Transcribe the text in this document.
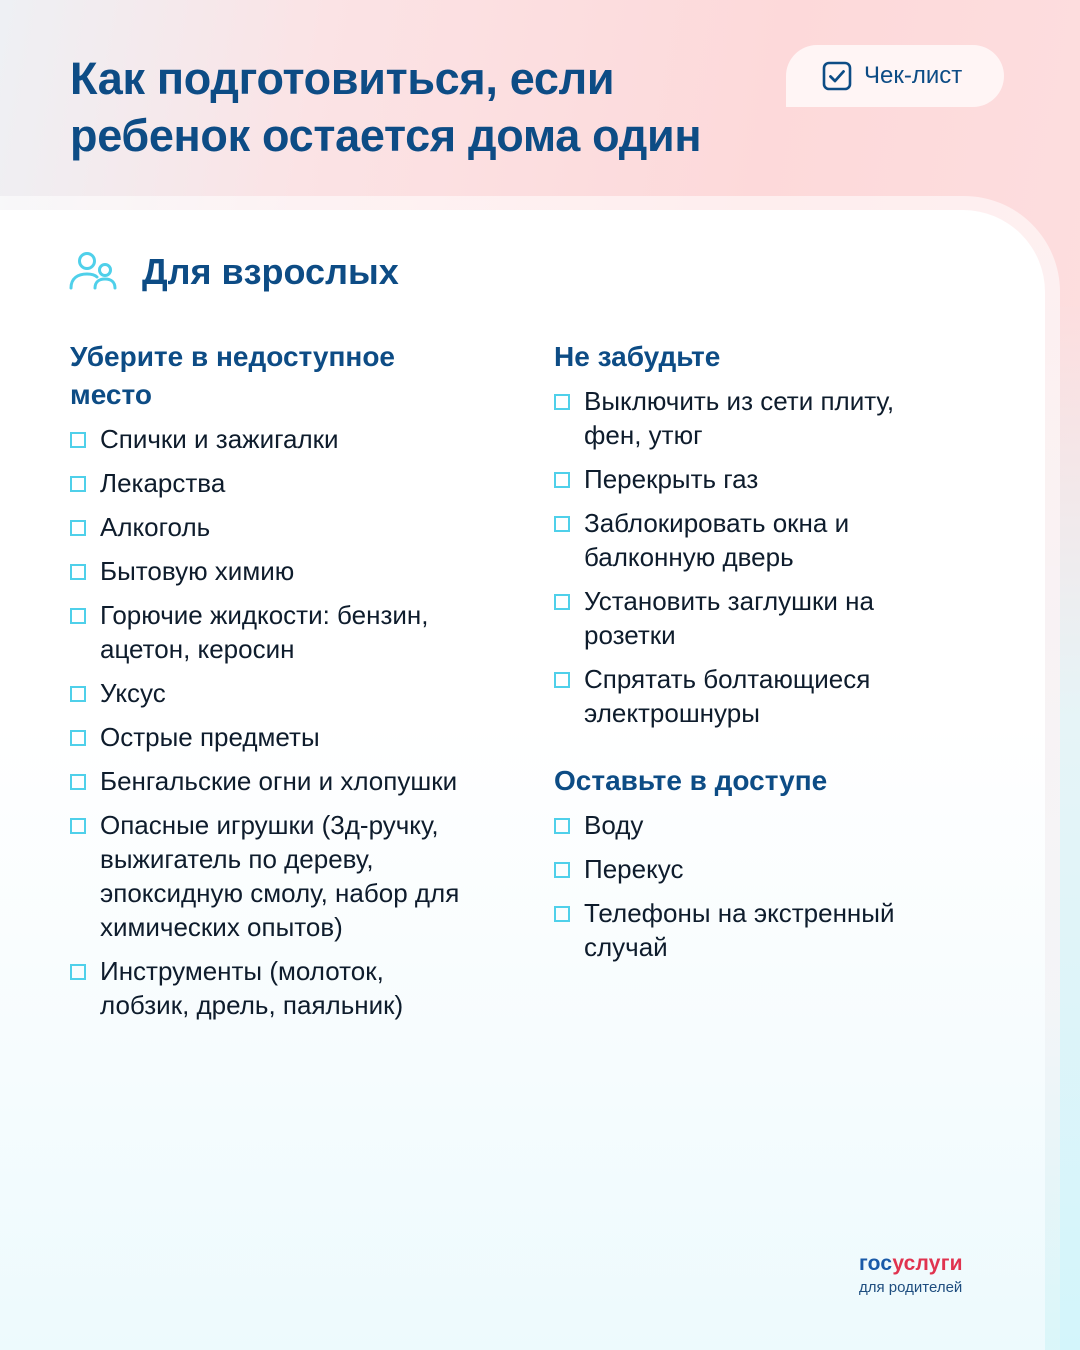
Как подготовиться, если
ребенок остается дома один
Чек-лист
Для взрослых
Уберите в недоступное
место
Спички и зажигалки
Лекарства
Алкоголь
Бытовую химию
Горючие жидкости: бензин, ацетон, керосин
Уксус
Острые предметы
Бенгальские огни и хлопушки
Опасные игрушки (3д-ручку, выжигатель по дереву, эпоксидную смолу, набор для химических опытов)
Инструменты (молоток, лобзик, дрель, паяльник)
Не забудьте
Выключить из сети плиту, фен, утюг
Перекрыть газ
Заблокировать окна и балконную дверь
Установить заглушки на розетки
Спрятать болтающиеся электрошнуры
Оставьте в доступе
Воду
Перекус
Телефоны на экстренный случай
госуслуги
для родителей
